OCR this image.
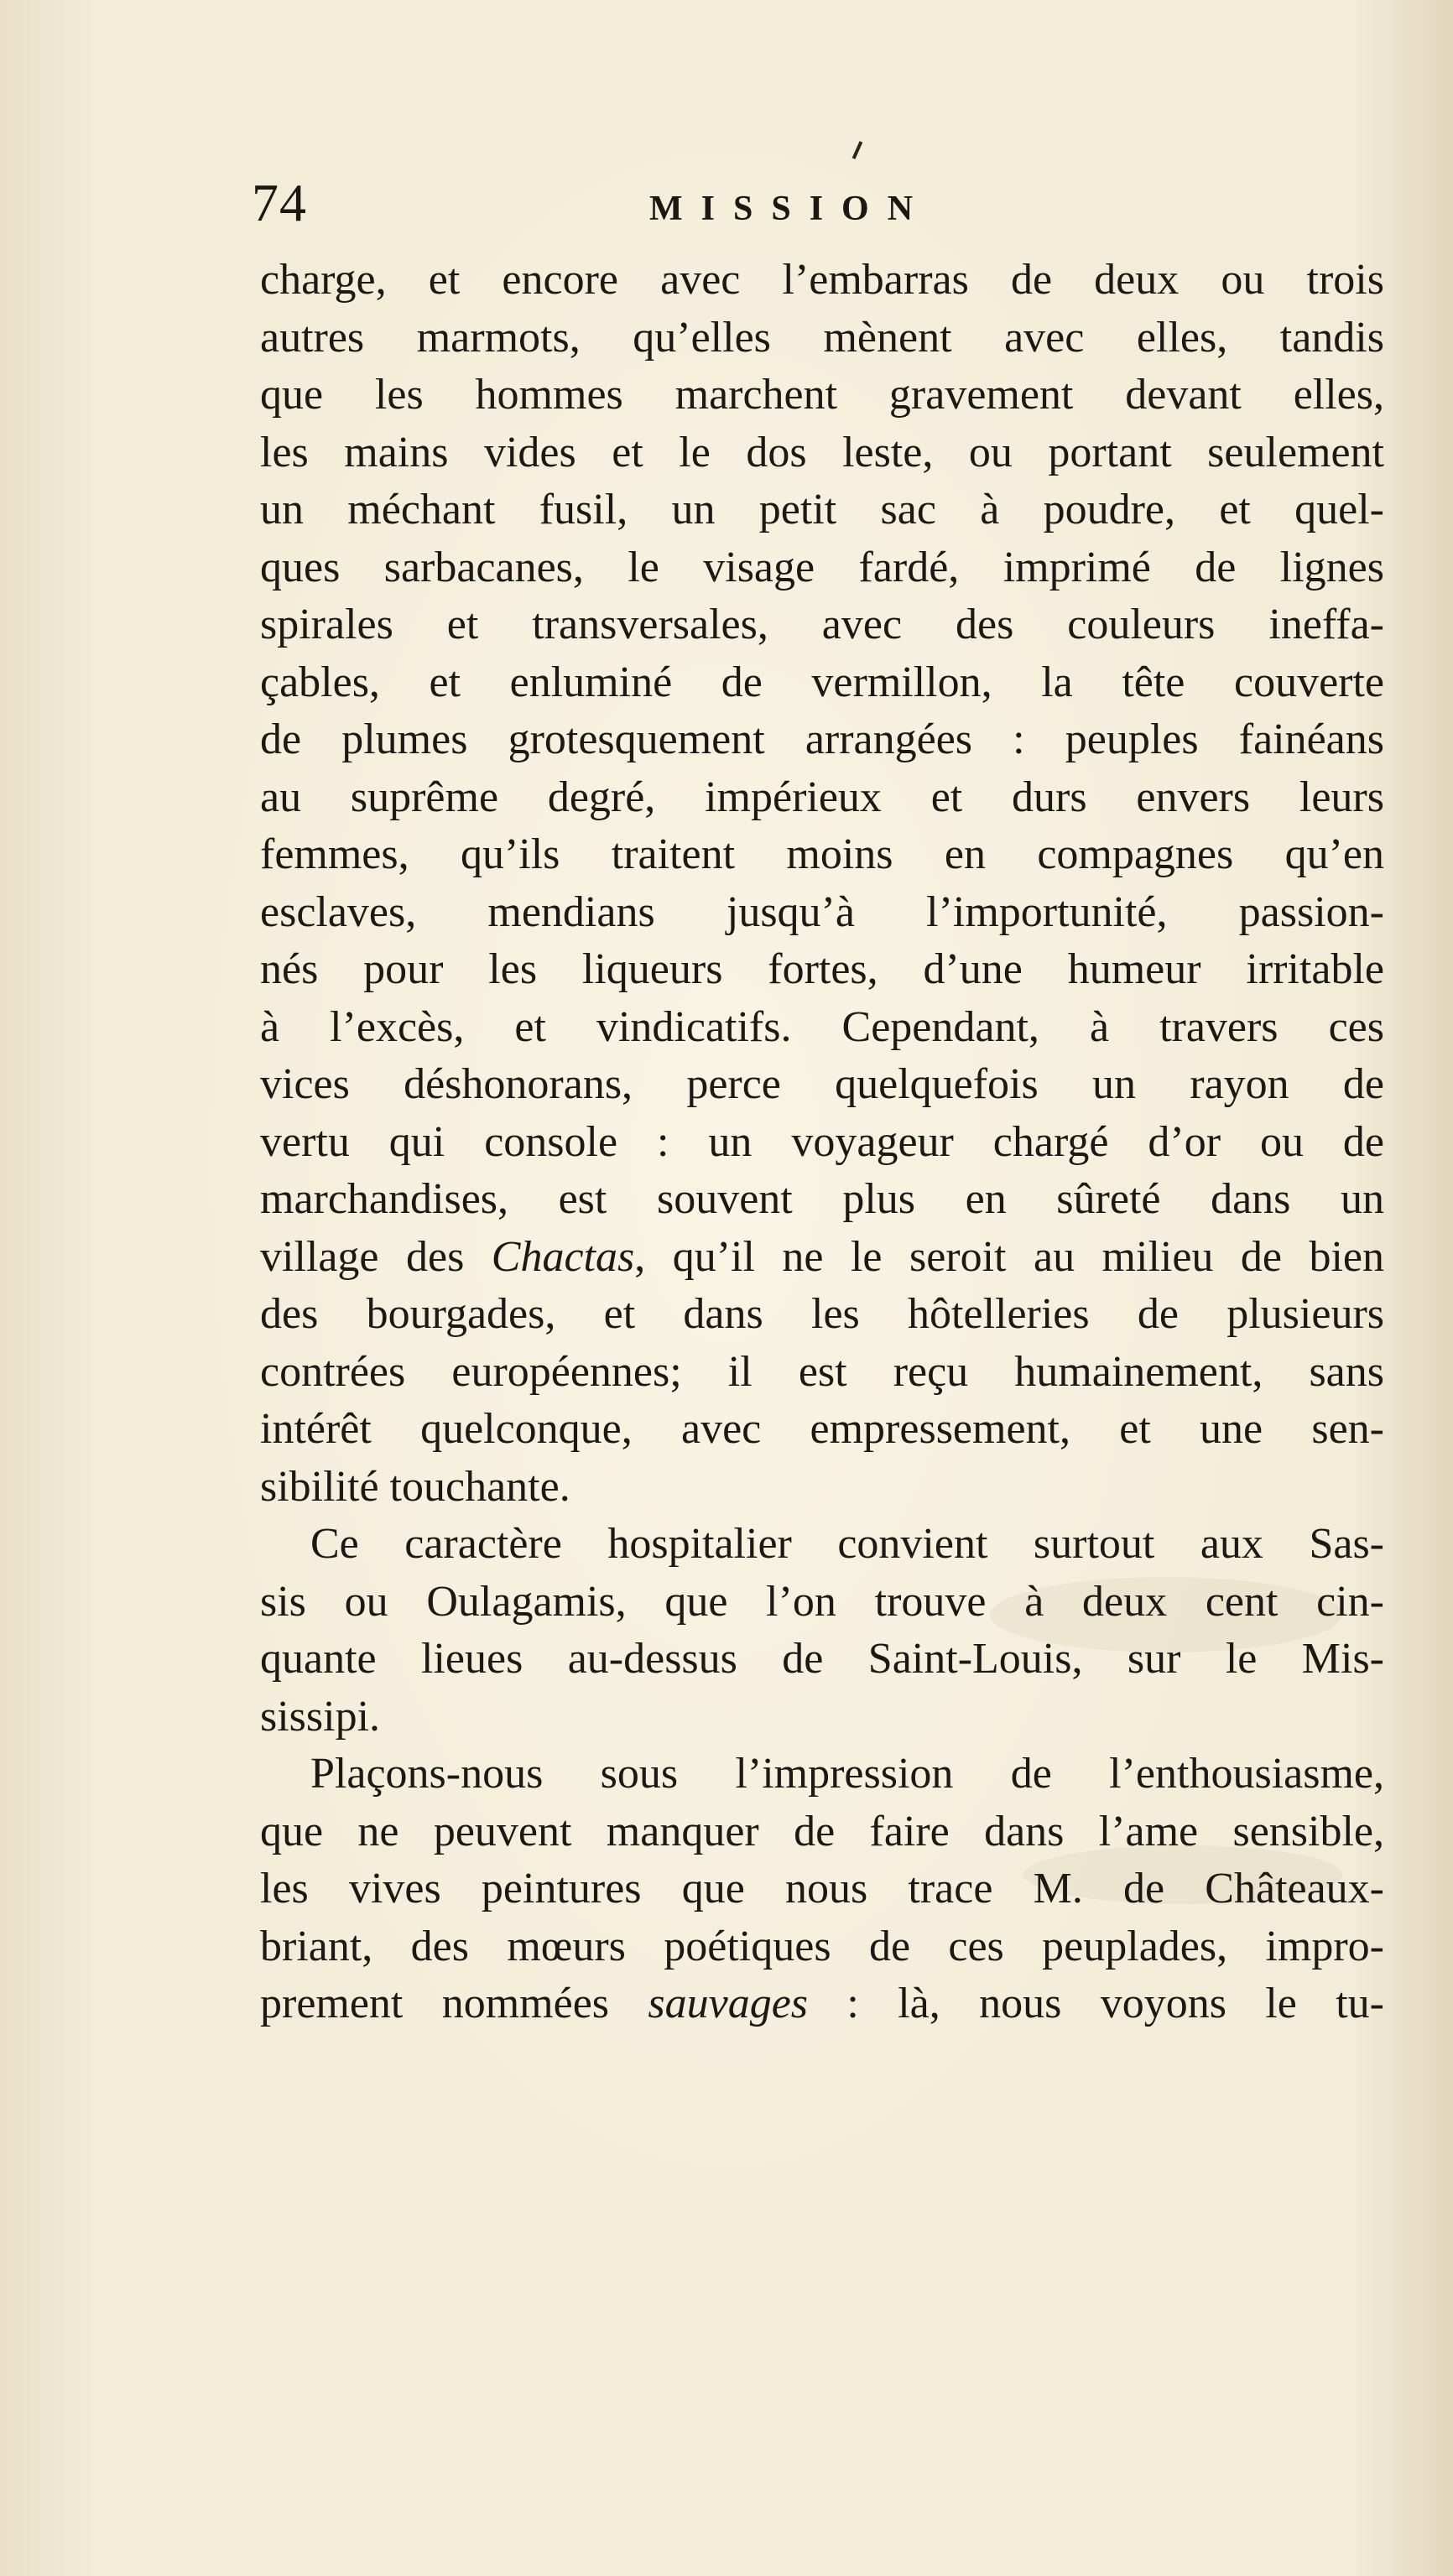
74	MISSION
charge, et encore avec l’embarras de deux ou trois
autres marmots, qu’elles mènent avec elles, tandis
que les hommes marchent gravement devant elles,
les mains vides et le dos leste, ou portant seulement
un méchant fusil, un petit sac à poudre, et quel-
ques sarbacanes, le visage fardé, imprimé de lignes
spirales et transversales, avec des couleurs ineffa-
çables, et enluminé de vermillon, la tête couverte
de plumes grotesquement arrangées : peuples fainéans
au suprême degré, impérieux et durs envers leurs
femmes, qu’ils traitent moins en compagnes qu’en
esclaves, mendians jusqu’à l’importunité, passion-
nés pour les liqueurs fortes, d’une humeur irritable
à l’excès, et vindicatifs. Cependant, à travers ces
vices déshonorans, perce quelquefois un rayon de
vertu qui console : un voyageur chargé d’or ou de
marchandises, est souvent plus en sûreté dans un
village des Chactas, qu’il ne le seroit au milieu de bien
des bourgades, et dans les hôtelleries de plusieurs
contrées européennes; il est reçu humainement, sans
intérêt quelconque, avec empressement, et une sen-
sibilité touchante.
Ce caractère hospitalier convient surtout aux Sas-
sis ou Oulagamis, que l’on trouve à deux cent cin-
quante lieues au-dessus de Saint-Louis, sur le Mis-
sissipi.
Plaçons-nous sous l’impression de l’enthousiasme,
que ne peuvent manquer de faire dans l’ame sensible,
les vives peintures que nous trace M. de Châteaux-
briant, des mœurs poétiques de ces peuplades, impro-
prement nommées sauvages : là, nous voyons le tu-
